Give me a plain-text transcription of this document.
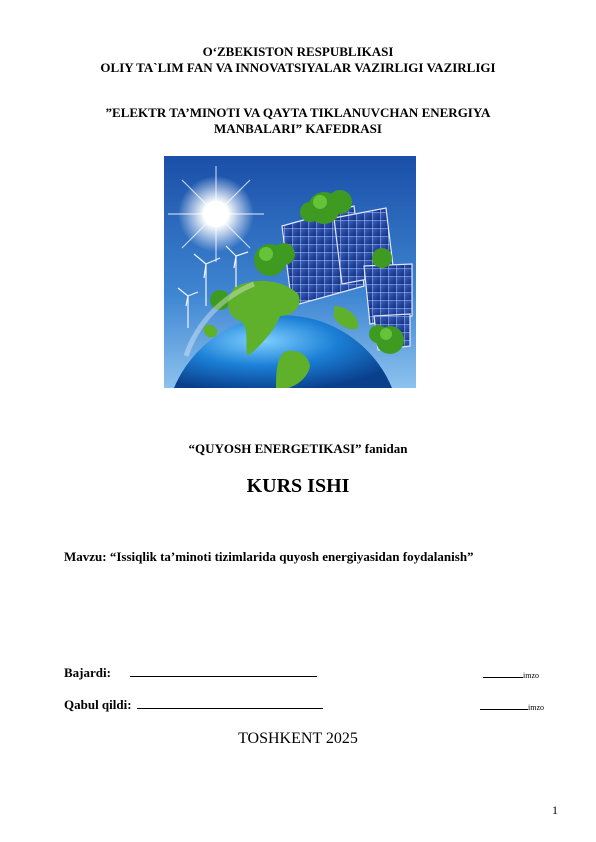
O‘ZBEKISTON RESPUBLIKASI
OLIY TA`LIM FAN VA INNOVATSIYALAR VAZIRLIGI VAZIRLIGI
”ELEKTR TA’MINOTI VA QAYTA TIKLANUVCHAN ENERGIYA
MANBALARI” KAFEDRASI
“QUYOSH ENERGETIKASI” fanidan
KURS ISHI
Mavzu: “Issiqlik ta’minoti tizimlarida quyosh energiyasidan foydalanish”
Bajardi:	imzo
Qabul qildi:	imzo
TOSHKENT 2025
1
